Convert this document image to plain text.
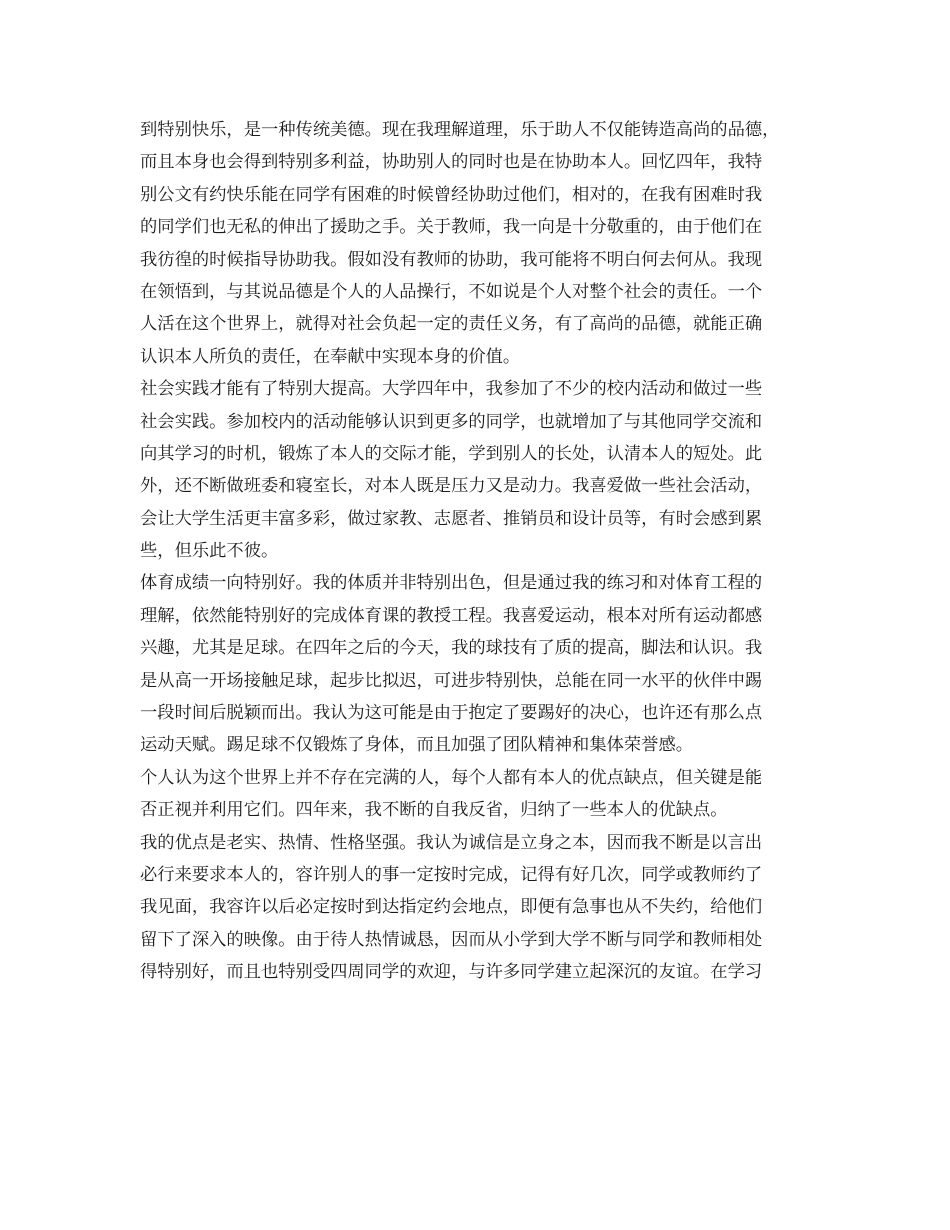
到特别快乐，是一种传统美德。现在我理解道理，乐于助人不仅能铸造高尚的品德，
而且本身也会得到特别多利益，协助别人的同时也是在协助本人。回忆四年，我特
别公文有约快乐能在同学有困难的时候曾经协助过他们，相对的，在我有困难时我
的同学们也无私的伸出了援助之手。关于教师，我一向是十分敬重的，由于他们在
我彷徨的时候指导协助我。假如没有教师的协助，我可能将不明白何去何从。我现
在领悟到，与其说品德是个人的人品操行，不如说是个人对整个社会的责任。一个
人活在这个世界上，就得对社会负起一定的责任义务，有了高尚的品德，就能正确
认识本人所负的责任，在奉献中实现本身的价值。
社会实践才能有了特别大提高。大学四年中，我参加了不少的校内活动和做过一些
社会实践。参加校内的活动能够认识到更多的同学，也就增加了与其他同学交流和
向其学习的时机，锻炼了本人的交际才能，学到别人的长处，认清本人的短处。此
外，还不断做班委和寝室长，对本人既是压力又是动力。我喜爱做一些社会活动，
会让大学生活更丰富多彩，做过家教、志愿者、推销员和设计员等，有时会感到累
些，但乐此不彼。
体育成绩一向特别好。我的体质并非特别出色，但是通过我的练习和对体育工程的
理解，依然能特别好的完成体育课的教授工程。我喜爱运动，根本对所有运动都感
兴趣，尤其是足球。在四年之后的今天，我的球技有了质的提高，脚法和认识。我
是从高一开场接触足球，起步比拟迟，可进步特别快，总能在同一水平的伙伴中踢
一段时间后脱颖而出。我认为这可能是由于抱定了要踢好的决心，也许还有那么点
运动天赋。踢足球不仅锻炼了身体，而且加强了团队精神和集体荣誉感。
个人认为这个世界上并不存在完满的人，每个人都有本人的优点缺点，但关键是能
否正视并利用它们。四年来，我不断的自我反省，归纳了一些本人的优缺点。
我的优点是老实、热情、性格坚强。我认为诚信是立身之本，因而我不断是以言出
必行来要求本人的，容许别人的事一定按时完成，记得有好几次，同学或教师约了
我见面，我容许以后必定按时到达指定约会地点，即便有急事也从不失约，给他们
留下了深入的映像。由于待人热情诚恳，因而从小学到大学不断与同学和教师相处
得特别好，而且也特别受四周同学的欢迎，与许多同学建立起深沉的友谊。在学习
